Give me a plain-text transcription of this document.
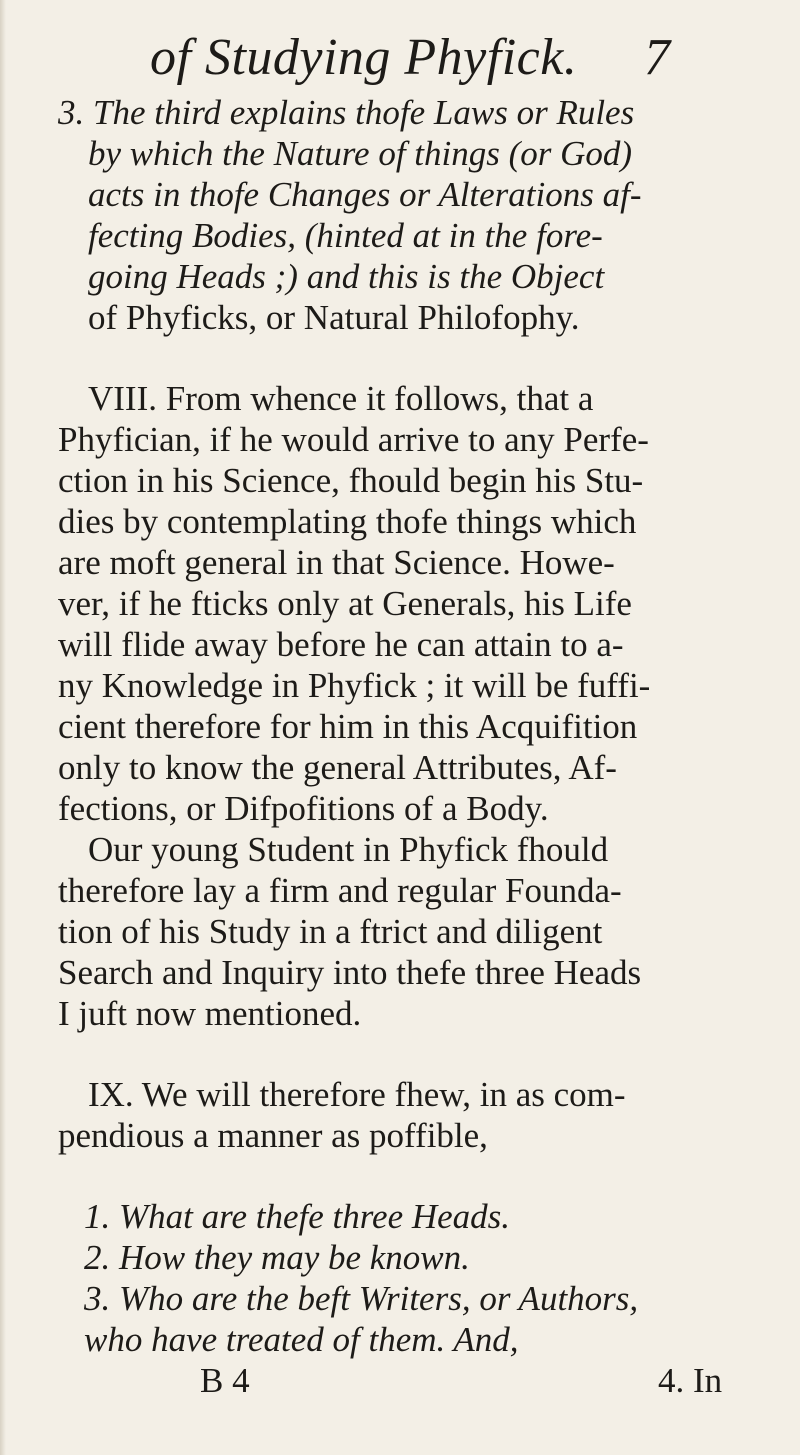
of Studying Phyfick. 7
3. The third explains thofe Laws or Rules
by which the Nature of things (or God)
acts in thofe Changes or Alterations af-
fecting Bodies, (hinted at in the fore-
going Heads ;) and this is the Object
of Phyficks, or Natural Philofophy.
VIII. From whence it follows, that a
Phyfician, if he would arrive to any Perfe-
ction in his Science, fhould begin his Stu-
dies by contemplating thofe things which
are moft general in that Science. Howe-
ver, if he fticks only at Generals, his Life
will flide away before he can attain to a-
ny Knowledge in Phyfick ; it will be fuffi-
cient therefore for him in this Acquifition
only to know the general Attributes, Af-
fections, or Difpofitions of a Body.
Our young Student in Phyfick fhould
therefore lay a firm and regular Founda-
tion of his Study in a ftrict and diligent
Search and Inquiry into thefe three Heads
I juft now mentioned.
IX. We will therefore fhew, in as com-
pendious a manner as poffible,
1. What are thefe three Heads.
2. How they may be known.
3. Who are the beft Writers, or Authors,
who have treated of them. And,
B 4	4. In
